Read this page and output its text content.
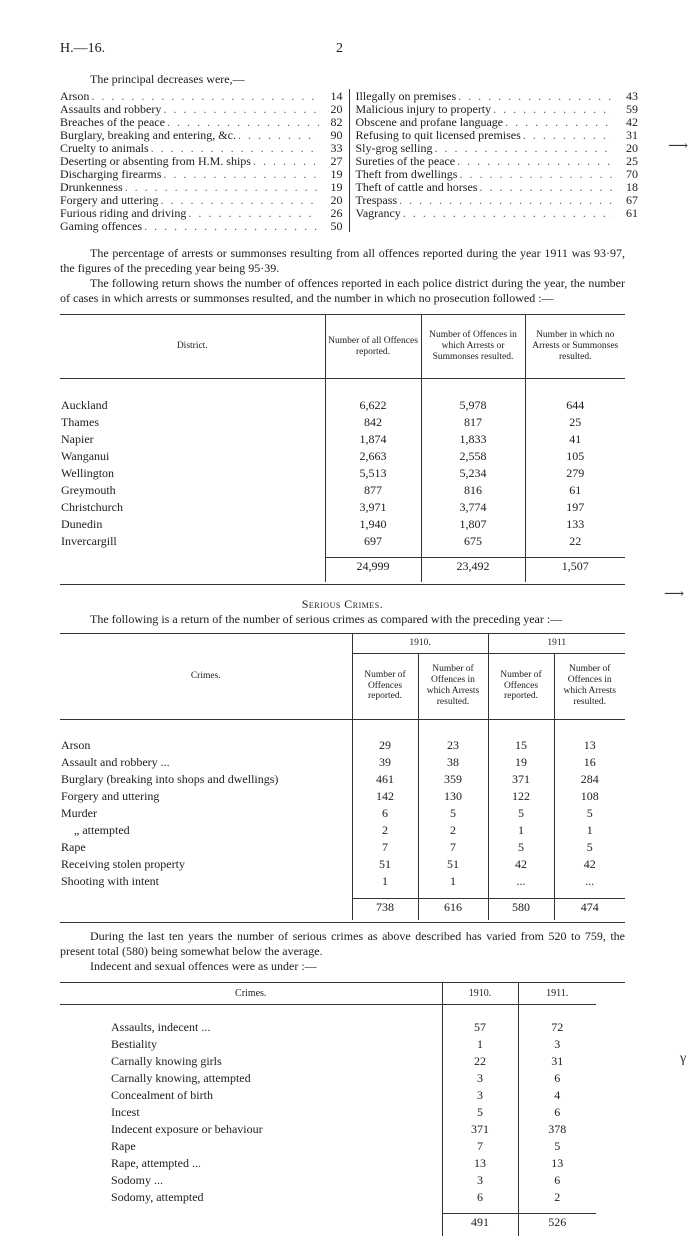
H.—16.	2

The principal decreases were,—

Arson . . .	14
Assaults and robbery . . .	20
Breaches of the peace . . .	82
Burglary, breaking and entering, &c. . . .	90
Cruelty to animals . . .	33
Deserting or absenting from H.M. ships . . .	27
Discharging firearms . . .	19
Drunkenness . . .	19
Forgery and uttering . . .	20
Furious riding and driving . . .	26
Gaming offences . . .	50
Illegally on premises . . .	43
Malicious injury to property . . .	59
Obscene and profane language . . .	42
Refusing to quit licensed premises . . .	31
Sly-grog selling . . .	20
Sureties of the peace . . .	25
Theft from dwellings . . .	70
Theft of cattle and horses . . .	18
Trespass . . .	67
Vagrancy . . .	61

The percentage of arrests or summonses resulting from all offences reported during the year 1911 was 93·97, the figures of the preceding year being 95·39.

The following return shows the number of offences reported in each police district during the year, the number of cases in which arrests or summonses resulted, and the number in which no prosecution followed :—

District.	Number of all Offences reported.	Number of Offences in which Arrests or Summonses resulted.	Number in which no Arrests or Summonses resulted.

Auckland	6,622	5,978	644
Thames	842	817	25
Napier	1,874	1,833	41
Wanganui	2,663	2,558	105
Wellington	5,513	5,234	279
Greymouth	877	816	61
Christchurch	3,971	3,774	197
Dunedin	1,940	1,807	133
Invercargill	697	675	22

	24,999	23,492	1,507

Serious Crimes.

The following is a return of the number of serious crimes as compared with the preceding year :—

Crimes.	1910.		1911	
	Number of Offences reported.	Number of Offences in which Arrests resulted.	Number of Offences reported.	Number of Offences in which Arrests resulted.

Arson	29	23	15	13
Assault and robbery ...	39	38	19	16
Burglary (breaking into shops and dwellings)	461	359	371	284
Forgery and uttering	142	130	122	108
Murder	6	5	5	5
„ attempted	2	2	1	1
Rape	7	7	5	5
Receiving stolen property	51	51	42	42
Shooting with intent	1	1	...	...

	738	616	580	474

During the last ten years the number of serious crimes as above described has varied from 520 to 759, the present total (580) being somewhat below the average.

Indecent and sexual offences were as under :—

Crimes.		1910.	1911.	

	Assaults, indecent ...	57	72	
	Bestiality	1	3	
	Carnally knowing girls	22	31	
	Carnally knowing, attempted	3	6	
	Concealment of birth	3	4	
	Incest	5	6	
	Indecent exposure or behaviour	371	378	
	Rape	7	5	
	Rape, attempted ...	13	13	
	Sodomy ...	3	6	
	Sodomy, attempted	6	2	

		491	526	
⟶
⟶
γ
